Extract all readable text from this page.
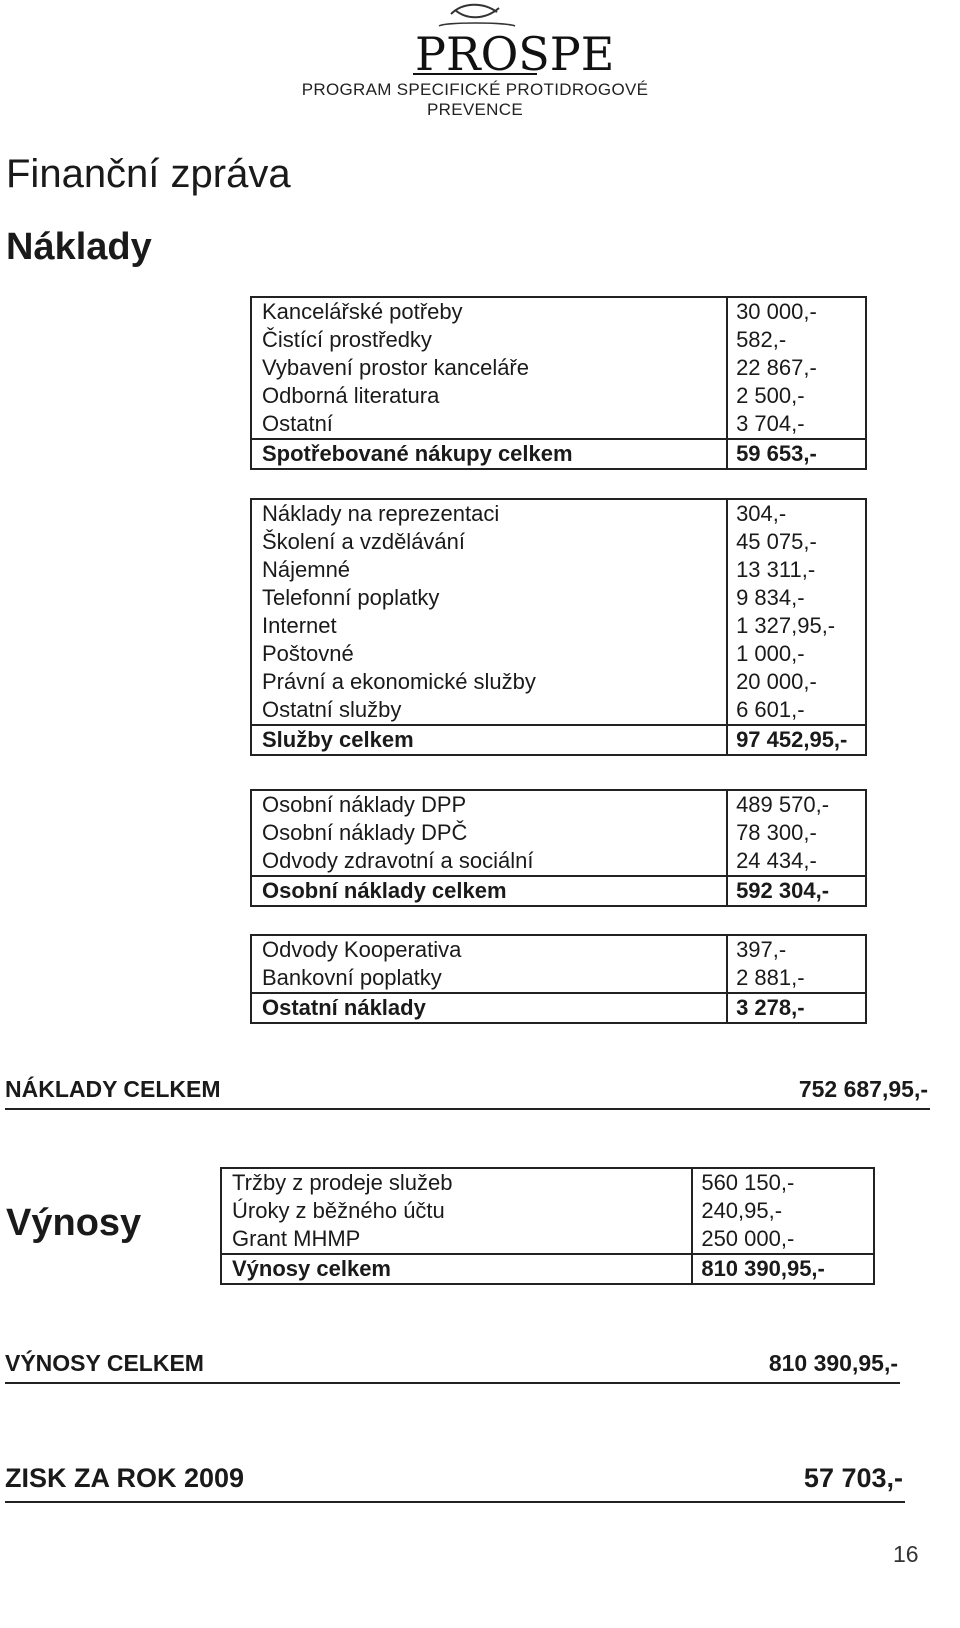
PROSPE
PROGRAM SPECIFICKÉ PROTIDROGOVÉ PREVENCE
Finanční zpráva
Náklady
Kancelářské potřeby	30 000,-
Čistící prostředky	582,-
Vybavení prostor kanceláře	22 867,-
Odborná literatura	2 500,-
Ostatní	3 704,-
Spotřebované nákupy celkem	59 653,-
Náklady na reprezentaci	304,-
Školení a vzdělávání	45 075,-
Nájemné	13 311,-
Telefonní poplatky	9 834,-
Internet	1 327,95,-
Poštovné	1 000,-
Právní a ekonomické služby	20 000,-
Ostatní služby	6 601,-
Služby celkem	97 452,95,-
Osobní náklady DPP	489 570,-
Osobní náklady DPČ	78 300,-
Odvody zdravotní a sociální	24 434,-
Osobní náklady celkem	592 304,-
Odvody Kooperativa	397,-
Bankovní poplatky	2 881,-
Ostatní náklady	3 278,-
NÁKLADY CELKEM	752 687,95,-
Výnosy
Tržby z prodeje služeb	560 150,-
Úroky z běžného účtu	240,95,-
Grant MHMP	250 000,-
Výnosy celkem	810 390,95,-
VÝNOSY CELKEM	810 390,95,-
ZISK ZA ROK 2009	57 703,-
16
